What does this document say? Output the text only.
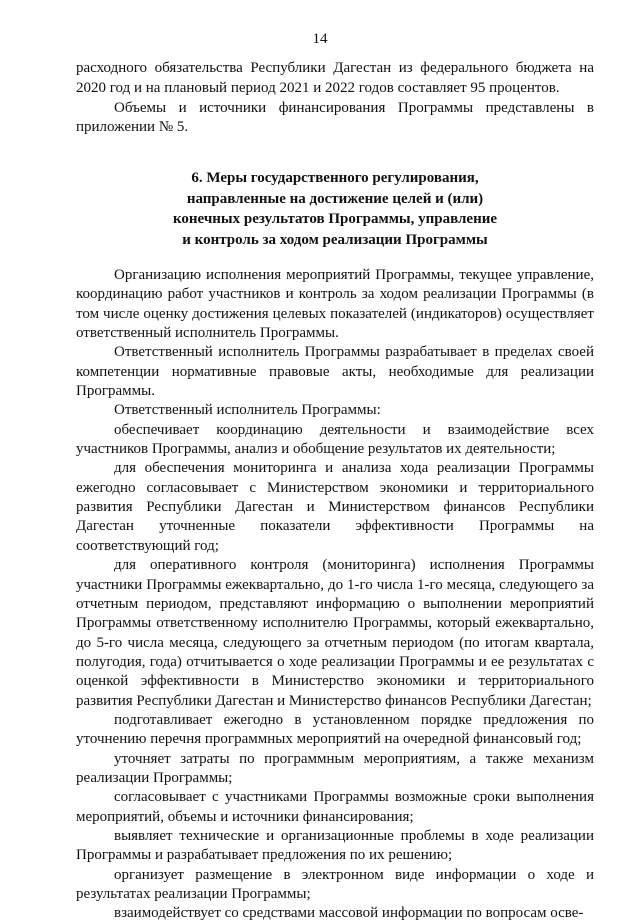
14

расходного обязательства Республики Дагестан из федерального бюджета на 2020 год и на плановый период 2021 и 2022 годов составляет 95 процентов.

Объемы и источники финансирования Программы представлены в приложении № 5.

6. Меры государственного регулирования,
направленные на достижение целей и (или)
конечных результатов Программы, управление
и контроль за ходом реализации Программы

Организацию исполнения мероприятий Программы, текущее управление, координацию работ участников и контроль за ходом реализации Программы (в том числе оценку достижения целевых показателей (индикаторов) осуществляет ответственный исполнитель Программы.

Ответственный исполнитель Программы разрабатывает в пределах своей компетенции нормативные правовые акты, необходимые для реализации Программы.

Ответственный исполнитель Программы:

обеспечивает координацию деятельности и взаимодействие всех участников Программы, анализ и обобщение результатов их деятельности;

для обеспечения мониторинга и анализа хода реализации Программы ежегодно согласовывает с Министерством экономики и территориального развития Республики Дагестан и Министерством финансов Республики Дагестан уточненные показатели эффективности Программы на соответствующий год;

для оперативного контроля (мониторинга) исполнения Программы участники Программы ежеквартально, до 1-го числа 1-го месяца, следующего за отчетным периодом, представляют информацию о выполнении мероприятий Программы ответственному исполнителю Программы, который ежеквартально, до 5-го числа месяца, следующего за отчетным периодом (по итогам квартала, полугодия, года) отчитывается о ходе реализации Программы и ее результатах с оценкой эффективности в Министерство экономики и территориального развития Республики Дагестан и Министерство финансов Республики Дагестан;

подготавливает ежегодно в установленном порядке предложения по уточнению перечня программных мероприятий на очередной финансовый год;

уточняет затраты по программным мероприятиям, а также механизм реализации Программы;

согласовывает с участниками Программы возможные сроки выполнения мероприятий, объемы и источники финансирования;

выявляет технические и организационные проблемы в ходе реализации Программы и разрабатывает предложения по их решению;

организует размещение в электронном виде информации о ходе и результатах реализации Программы;

взаимодействует со средствами массовой информации по вопросам осве-
